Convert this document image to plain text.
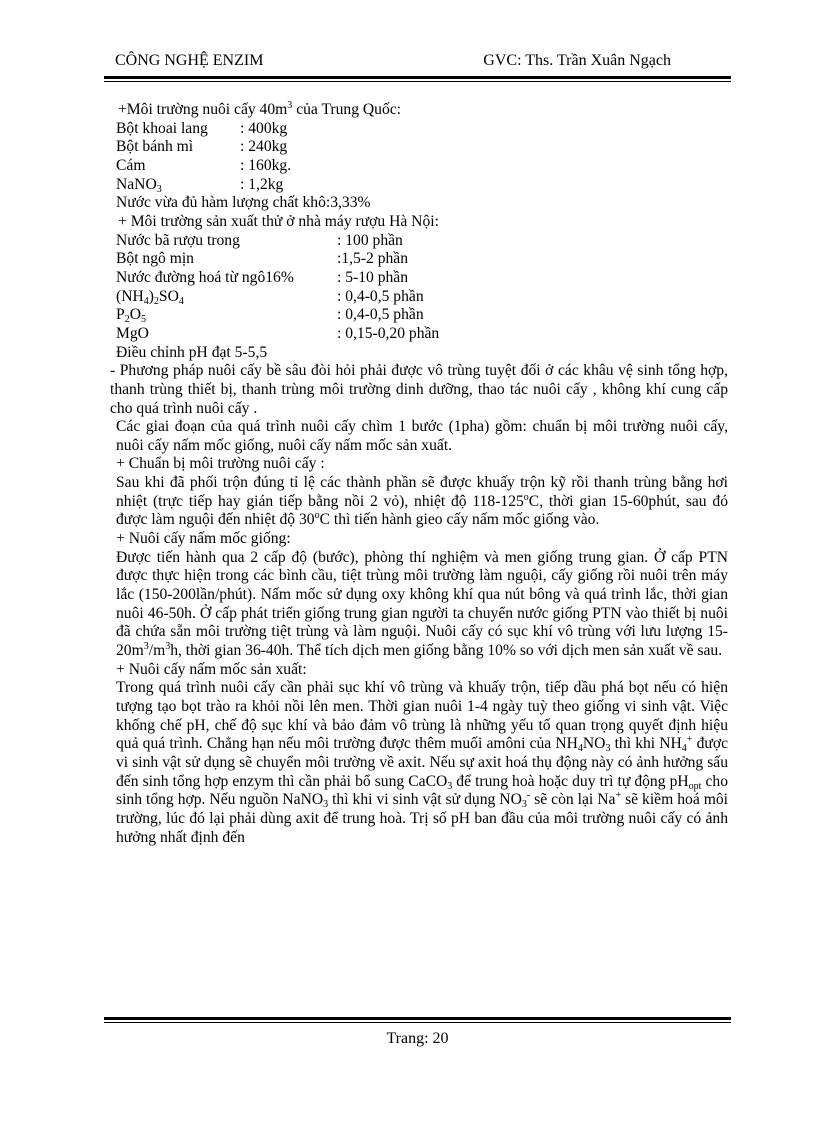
CÔNG NGHỆ ENZIM	GVC: Ths. Trần Xuân Ngạch

+Môi trường nuôi cấy $40m^3$ của Trung Quốc:

Bột khoai lang	: 400kg
Bột bánh mì	: 240kg
Cám	: 160kg.
NaNO$_3$	: 1,2kg

Nước vừa đủ hàm lượng chất khô:3,33%

+ Môi trường sản xuất thử ở nhà máy rượu Hà Nội:

Nước bã rượu trong	: 100 phần
Bột ngô mịn	:1,5-2 phần
Nước đường hoá từ ngô16%	: 5-10 phần
$(NH_4)_2SO_4$	: 0,4-0,5 phần
$P_2O_5$	: 0,4-0,5 phần
MgO	: 0,15-0,20 phần

Điều chỉnh pH đạt 5-5,5

- Phương pháp nuôi cấy bề sâu đòi hỏi phải được vô trùng tuyệt đối ở các khâu vệ sinh tổng hợp, thanh trùng thiết bị, thanh trùng môi trường dinh dưỡng, thao tác nuôi cấy , không khí cung cấp cho quá trình nuôi cấy .

Các giai đoạn của quá trình nuôi cấy chìm 1 bước (1pha) gồm: chuẩn bị môi trường nuôi cấy, nuôi cấy nấm mốc giống, nuôi cấy nấm mốc sản xuất.

+ Chuẩn bị môi trường nuôi cấy :

Sau khi đã phối trộn đúng tỉ lệ các thành phần sẽ được khuấy trộn kỹ rồi thanh trùng bằng hơi nhiệt (trực tiếp hay gián tiếp bằng nồi 2 vỏ), nhiệt độ 118-125$^o$C, thời gian 15-60phút, sau đó được làm nguội đến nhiệt độ 30$^o$C thì tiến hành gieo cấy nấm mốc giống vào.

+ Nuôi cấy nấm mốc giống:

Được tiến hành qua 2 cấp độ (bước), phòng thí nghiệm và men giống trung gian. Ở cấp PTN được thực hiện trong các bình cầu, tiệt trùng môi trường làm nguội, cấy giống rồi nuôi trên máy lắc (150-200lần/phút). Nấm mốc sử dụng oxy không khí qua nút bông và quá trình lắc, thời gian nuôi 46-50h. Ở cấp phát triển giống trung gian người ta chuyển nước giống PTN vào thiết bị nuôi đã chứa sẵn môi trường tiệt trùng và làm nguội. Nuôi cấy có sục khí vô trùng với lưu lượng $15-20m^3/m^3h$, thời gian 36-40h. Thể tích dịch men giống bằng 10% so với dịch men sản xuất về sau.

+ Nuôi cấy nấm mốc sản xuất:

Trong quá trình nuôi cấy cần phải sục khí vô trùng và khuấy trộn, tiếp dầu phá bọt nếu có hiện tượng tạo bọt trào ra khỏi nồi lên men. Thời gian nuôi 1-4 ngày tuỳ theo giống vi sinh vật. Việc khống chế pH, chế độ sục khí và bảo đảm vô trùng là những yếu tố quan trọng quyết định hiệu quả quá trình. Chẳng hạn nếu môi trường được thêm muối amôni của $NH_4NO_3$ thì khi $NH_4^+$ được vi sinh vật sử dụng sẽ chuyển môi trường về axit. Nếu sự axit hoá thụ động này có ảnh hưởng sấu đến sinh tổng hợp enzym thì cần phải bổ sung CaCO$_3$ để trung hoà hoặc duy trì tự động $pH_{opt}$ cho sinh tổng hợp. Nếu nguồn NaNO$_3$ thì khi vi sinh vật sử dụng $NO_3^-$ sẽ còn lại Na+ sẽ kiềm hoá môi trường, lúc đó lại phải dùng axit để trung hoà. Trị số pH ban đầu của môi trường nuôi cấy có ảnh hưởng nhất định đến

Trang: 20
